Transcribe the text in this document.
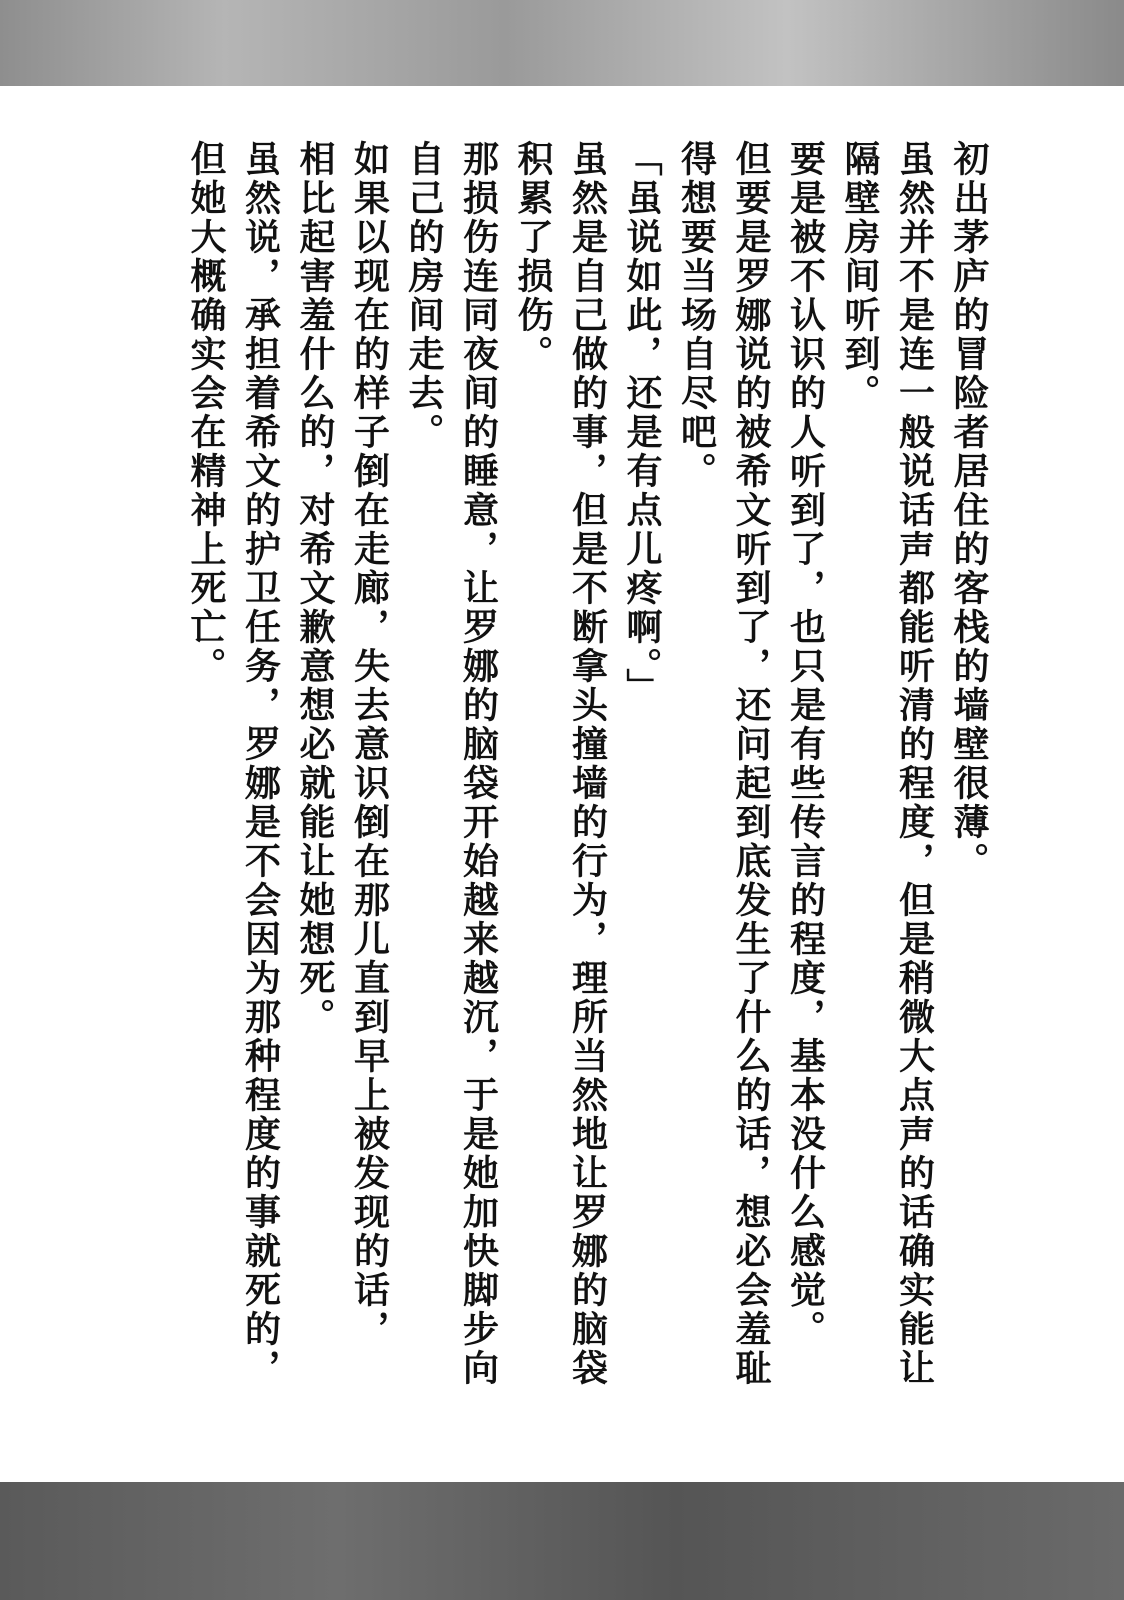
初出茅庐的冒险者居住的客栈的墙壁很薄。

虽然并不是连一般说话声都能听清的程度，但是稍微大点声的话确实能让

隔壁房间听到。

要是被不认识的人听到了，也只是有些传言的程度，基本没什么感觉。

但要是罗娜说的被希文听到了，还问起到底发生了什么的话，想必会羞耻

得想要当场自尽吧。

「虽说如此，还是有点儿疼啊。」

虽然是自己做的事，但是不断拿头撞墙的行为，理所当然地让罗娜的脑袋

积累了损伤。

那损伤连同夜间的睡意，让罗娜的脑袋开始越来越沉，于是她加快脚步向

自己的房间走去。

如果以现在的样子倒在走廊，失去意识倒在那儿直到早上被发现的话，

相比起害羞什么的，对希文歉意想必就能让她想死。

虽然说，承担着希文的护卫任务，罗娜是不会因为那种程度的事就死的，

但她大概确实会在精神上死亡。
